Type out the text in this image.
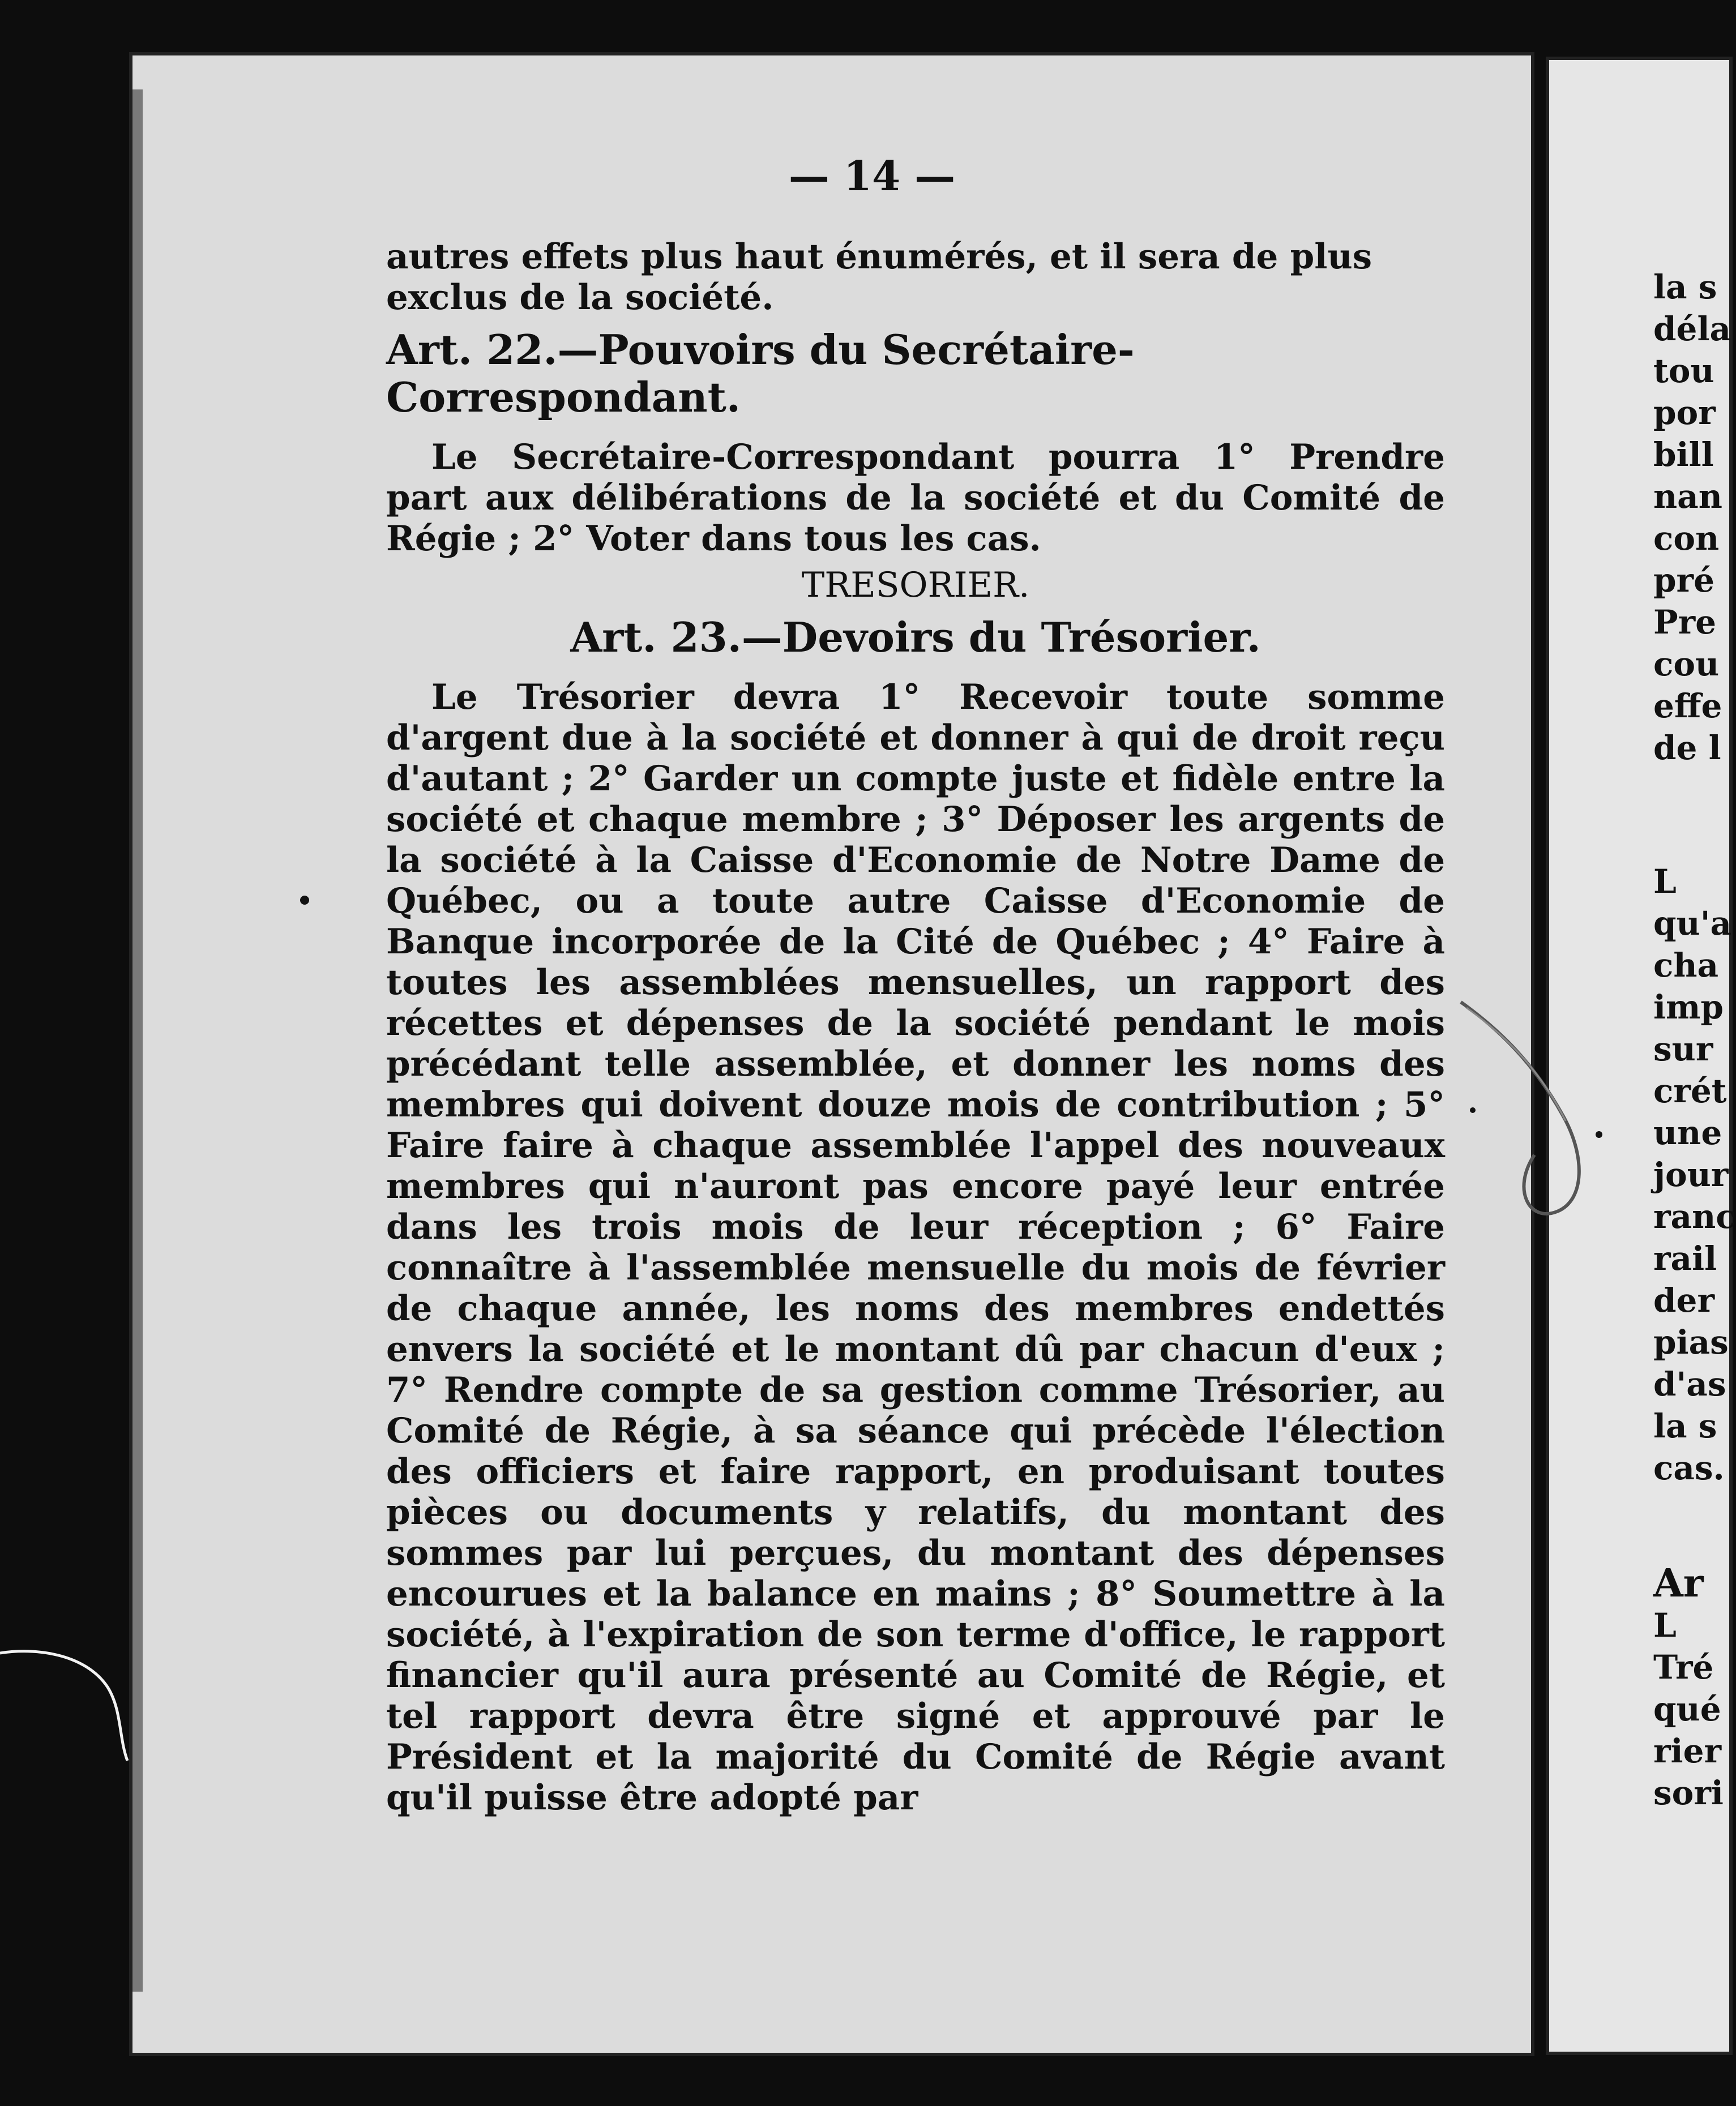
— 14 —

autres effets plus haut énumérés, et il sera de plus

exclus de la société.

Art. 22.—Pouvoirs du Secrétaire-Correspondant.

Le Secrétaire-Correspondant pourra 1° Prendre part aux délibérations de la société et du Comité de Régie ; 2° Voter dans tous les cas.

TRESORIER.

Art. 23.—Devoirs du Trésorier.

Le Trésorier devra 1° Recevoir toute somme d'argent due à la société et donner à qui de droit reçu d'autant ; 2° Garder un compte juste et fidèle entre la société et chaque membre ; 3° Déposer les argents de la société à la Caisse d'Economie de Notre Dame de Québec, ou a toute autre Caisse d'Economie de Banque incorporée de la Cité de Québec ; 4° Faire à toutes les assemblées mensuelles, un rapport des récettes et dépenses de la société pendant le mois précédant telle assemblée, et donner les noms des membres qui doivent douze mois de contribution ; 5° Faire faire à chaque assemblée l'appel des nouveaux membres qui n'auront pas encore payé leur entrée dans les trois mois de leur réception ; 6° Faire connaître à l'assemblée mensuelle du mois de février de chaque année, les noms des membres endettés envers la société et le montant dû par chacun d'eux ; 7° Rendre compte de sa gestion comme Trésorier, au Comité de Régie, à sa séance qui précède l'élection des officiers et faire rapport, en produisant toutes pièces ou documents y relatifs, du montant des sommes par lui perçues, du montant des dépenses encourues et la balance en mains ; 8° Soumettre à la société, à l'expiration de son terme d'office, le rapport financier qu'il aura présenté au Comité de Régie, et tel rapport devra être signé et approuvé par le Président et la majorité du Comité de Régie avant qu'il puisse être adopté par

la s
déla
tou
por
bill
nan
con
pré
Pre
cou
effe
de l
L
qu'a
cha
imp
sur
crét
une
jour
ranc
rail
der
pias
d'as
la s
cas.
Ar
L
Tré
qué
rier
sori
